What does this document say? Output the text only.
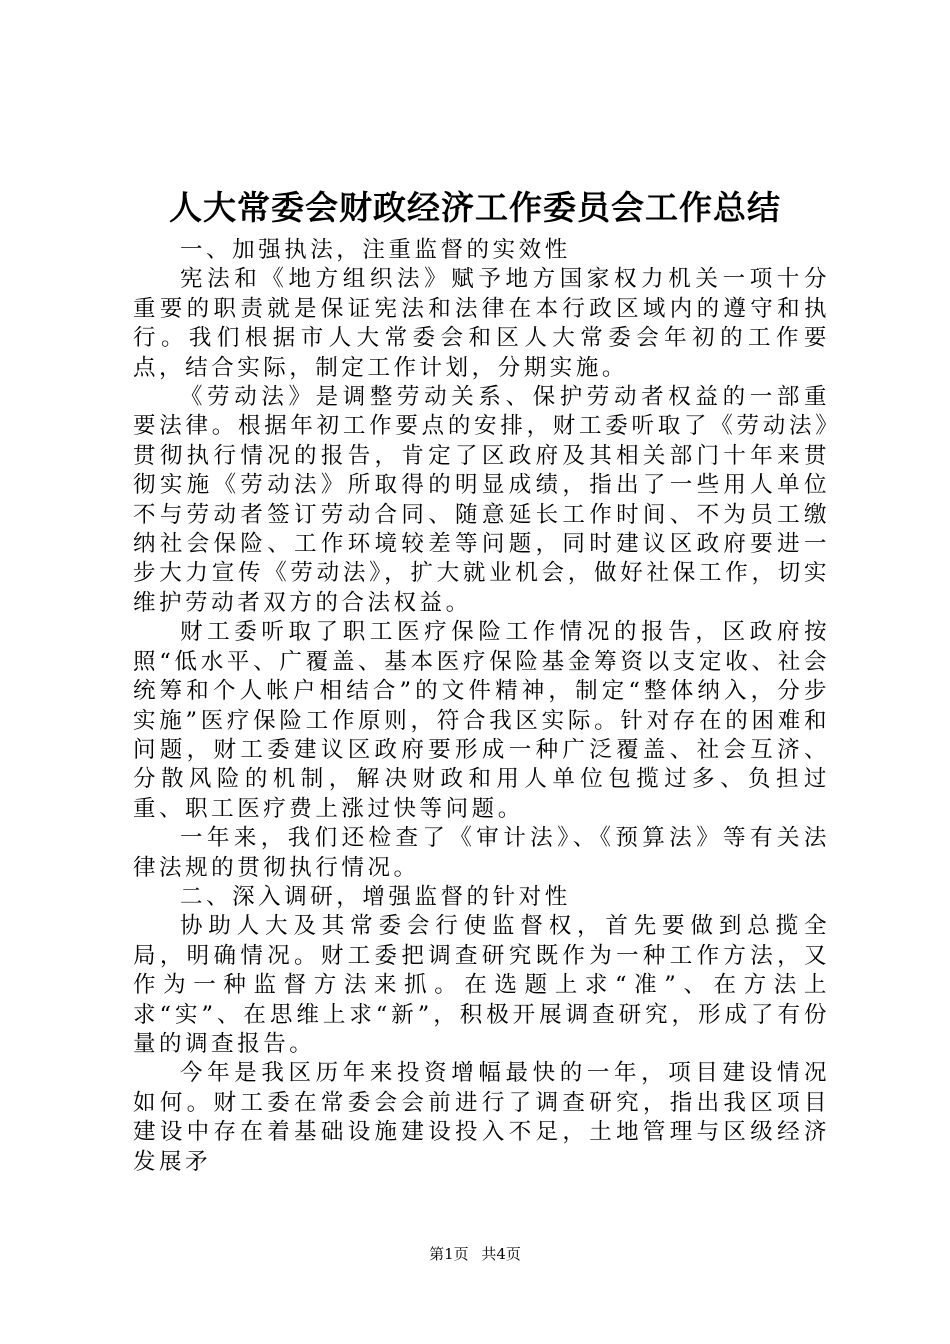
人大常委会财政经济工作委员会工作总结

一、加强执法，注重监督的实效性

宪法和《地方组织法》赋予地方国家权力机关一项十分重要的职责就是保证宪法和法律在本行政区域内的遵守和执行。我们根据市人大常委会和区人大常委会年初的工作要点，结合实际，制定工作计划，分期实施。

《劳动法》是调整劳动关系、保护劳动者权益的一部重要法律。根据年初工作要点的安排，财工委听取了《劳动法》贯彻执行情况的报告，肯定了区政府及其相关部门十年来贯彻实施《劳动法》所取得的明显成绩，指出了一些用人单位不与劳动者签订劳动合同、随意延长工作时间、不为员工缴纳社会保险、工作环境较差等问题，同时建议区政府要进一步大力宣传《劳动法》，扩大就业机会，做好社保工作，切实维护劳动者双方的合法权益。

财工委听取了职工医疗保险工作情况的报告，区政府按照“低水平、广覆盖、基本医疗保险基金筹资以支定收、社会统筹和个人帐户相结合”的文件精神，制定“整体纳入，分步实施”医疗保险工作原则，符合我区实际。针对存在的困难和问题，财工委建议区政府要形成一种广泛覆盖、社会互济、分散风险的机制，解决财政和用人单位包揽过多、负担过重、职工医疗费上涨过快等问题。

一年来，我们还检查了《审计法》、《预算法》等有关法律法规的贯彻执行情况。

二、深入调研，增强监督的针对性

协助人大及其常委会行使监督权，首先要做到总揽全局，明确情况。财工委把调查研究既作为一种工作方法，又作为一种监督方法来抓。在选题上求“准”、在方法上求“实”、在思维上求“新”，积极开展调查研究，形成了有份量的调查报告。

今年是我区历年来投资增幅最快的一年，项目建设情况如何。财工委在常委会会前进行了调查研究，指出我区项目建设中存在着基础设施建设投入不足，土地管理与区级经济发展矛

第1页 共4页
